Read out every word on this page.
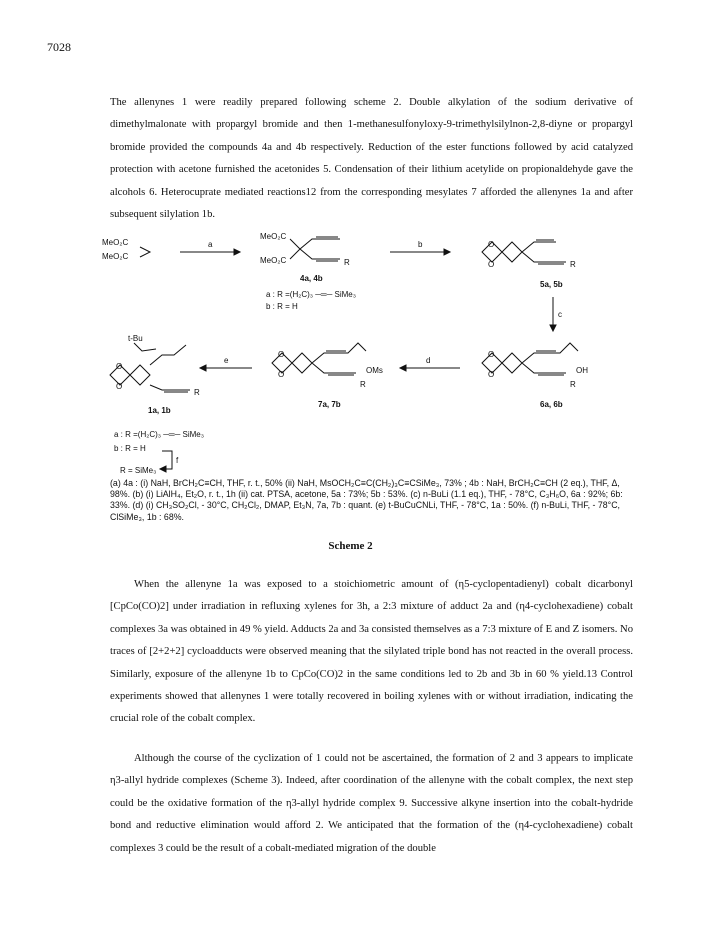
7028
The allenynes 1 were readily prepared following scheme 2. Double alkylation of the sodium derivative of dimethylmalonate with propargyl bromide and then 1-methanesulfonyloxy-9-trimethylsilylnon-2,8-diyne or propargyl bromide provided the compounds 4a and 4b respectively. Reduction of the ester functions followed by acid catalyzed protection with acetone furnished the acetonides 5. Condensation of their lithium acetylide on propionaldehyde gave the alcohols 6. Heterocuprate mediated reactions12 from the corresponding mesylates 7 afforded the allenynes 1a and after subsequent silylation 1b.
MeO₂C
MeO₂C
a
MeO₂C
MeO₂C	R
4a, 4b
a : R =(H₂C)₃ ─═─ SiMe₃
b : R = H
b	O
O	R
5a, 5b
c
O
O	OH
R
6a, 6b
d
O
O	OMs
R
7a, 7b
e
t-Bu
O
O
R
1a, 1b
a : R =(H₂C)₃ ─═─ SiMe₃
b : R = H
R = SiMe₃
f
(a) 4a : (i) NaH, BrCH₂C≡CH, THF, r. t., 50% (ii) NaH, MsOCH₂C≡C(CH₂)₃C≡CSiMe₃, 73% ; 4b : NaH, BrCH₂C≡CH (2 eq.), THF, Δ, 98%. (b) (i) LiAlH₄, Et₂O, r. t., 1h (ii) cat. PTSA, acetone, 5a : 73%; 5b : 53%. (c) n-BuLi (1.1 eq.), THF, - 78°C, C₃H₆O, 6a : 92%; 6b: 33%. (d) (i) CH₃SO₂Cl, - 30°C, CH₂Cl₂, DMAP, Et₃N, 7a, 7b : quant. (e) t-BuCuCNLi, THF, - 78°C, 1a : 50%. (f) n-BuLi, THF, - 78°C, ClSiMe₃, 1b : 68%.
Scheme 2
When the allenyne 1a was exposed to a stoichiometric amount of (η5-cyclopentadienyl) cobalt dicarbonyl [CpCo(CO)2] under irradiation in refluxing xylenes for 3h, a 2:3 mixture of adduct 2a and (η4-cyclohexadiene) cobalt complexes 3a was obtained in 49 % yield. Adducts 2a and 3a consisted themselves as a 7:3 mixture of E and Z isomers. No traces of [2+2+2] cycloadducts were observed meaning that the silylated triple bond has not reacted in the overall process. Similarly, exposure of the allenyne 1b to CpCo(CO)2 in the same conditions led to 2b and 3b in 60 % yield.13 Control experiments showed that allenynes 1 were totally recovered in boiling xylenes with or without irradiation, indicating the crucial role of the cobalt complex.
Although the course of the cyclization of 1 could not be ascertained, the formation of 2 and 3 appears to implicate η3-allyl hydride complexes (Scheme 3). Indeed, after coordination of the allenyne with the cobalt complex, the next step could be the oxidative formation of the η3-allyl hydride complex 9. Successive alkyne insertion into the cobalt-hydride bond and reductive elimination would afford 2. We anticipated that the formation of the (η4-cyclohexadiene) cobalt complexes 3 could be the result of a cobalt-mediated migration of the double
